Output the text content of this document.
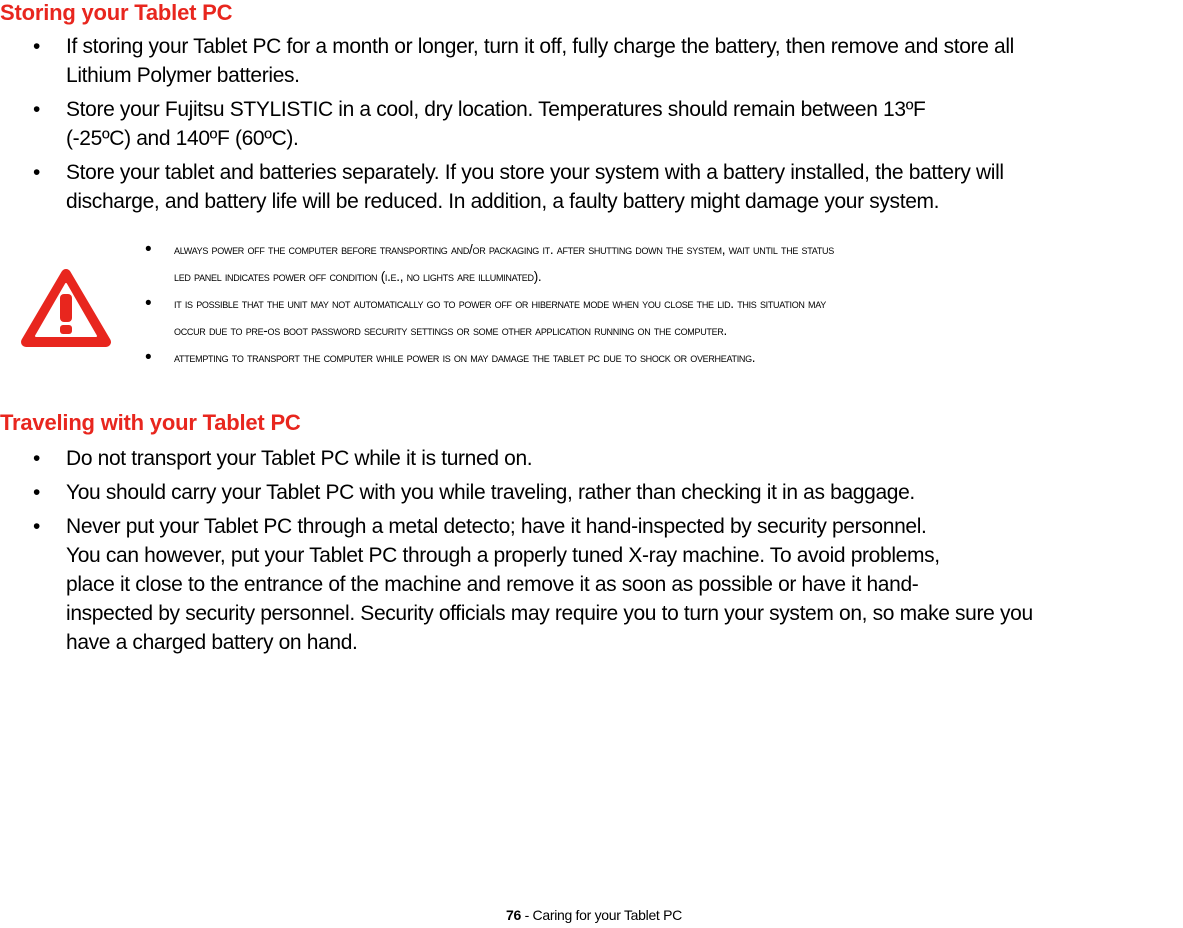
Storing your Tablet PC
• If storing your Tablet PC for a month or longer, turn it off, fully charge the battery, then remove and store all
Lithium Polymer batteries.
• Store your Fujitsu STYLISTIC in a cool, dry location. Temperatures should remain between 13ºF
(-25ºC) and 140ºF (60ºC).
• Store your tablet and batteries separately. If you store your system with a battery installed, the battery will
discharge, and battery life will be reduced. In addition, a faulty battery might damage your system.
• always power off the computer before transporting and/or packaging it. after shutting down the system, wait until the status
led panel indicates power off condition (i.e., no lights are illuminated).
• it is possible that the unit may not automatically go to power off or hibernate mode when you close the lid. this situation may
occur due to pre-os boot password security settings or some other application running on the computer.
• attempting to transport the computer while power is on may damage the tablet pc due to shock or overheating.
Traveling with your Tablet PC
• Do not transport your Tablet PC while it is turned on.
• You should carry your Tablet PC with you while traveling, rather than checking it in as baggage.
• Never put your Tablet PC through a metal detecto; have it hand-inspected by security personnel.
You can however, put your Tablet PC through a properly tuned X-ray machine. To avoid problems,
place it close to the entrance of the machine and remove it as soon as possible or have it hand-
inspected by security personnel. Security officials may require you to turn your system on, so make sure you
have a charged battery on hand.
76 - Caring for your Tablet PC
